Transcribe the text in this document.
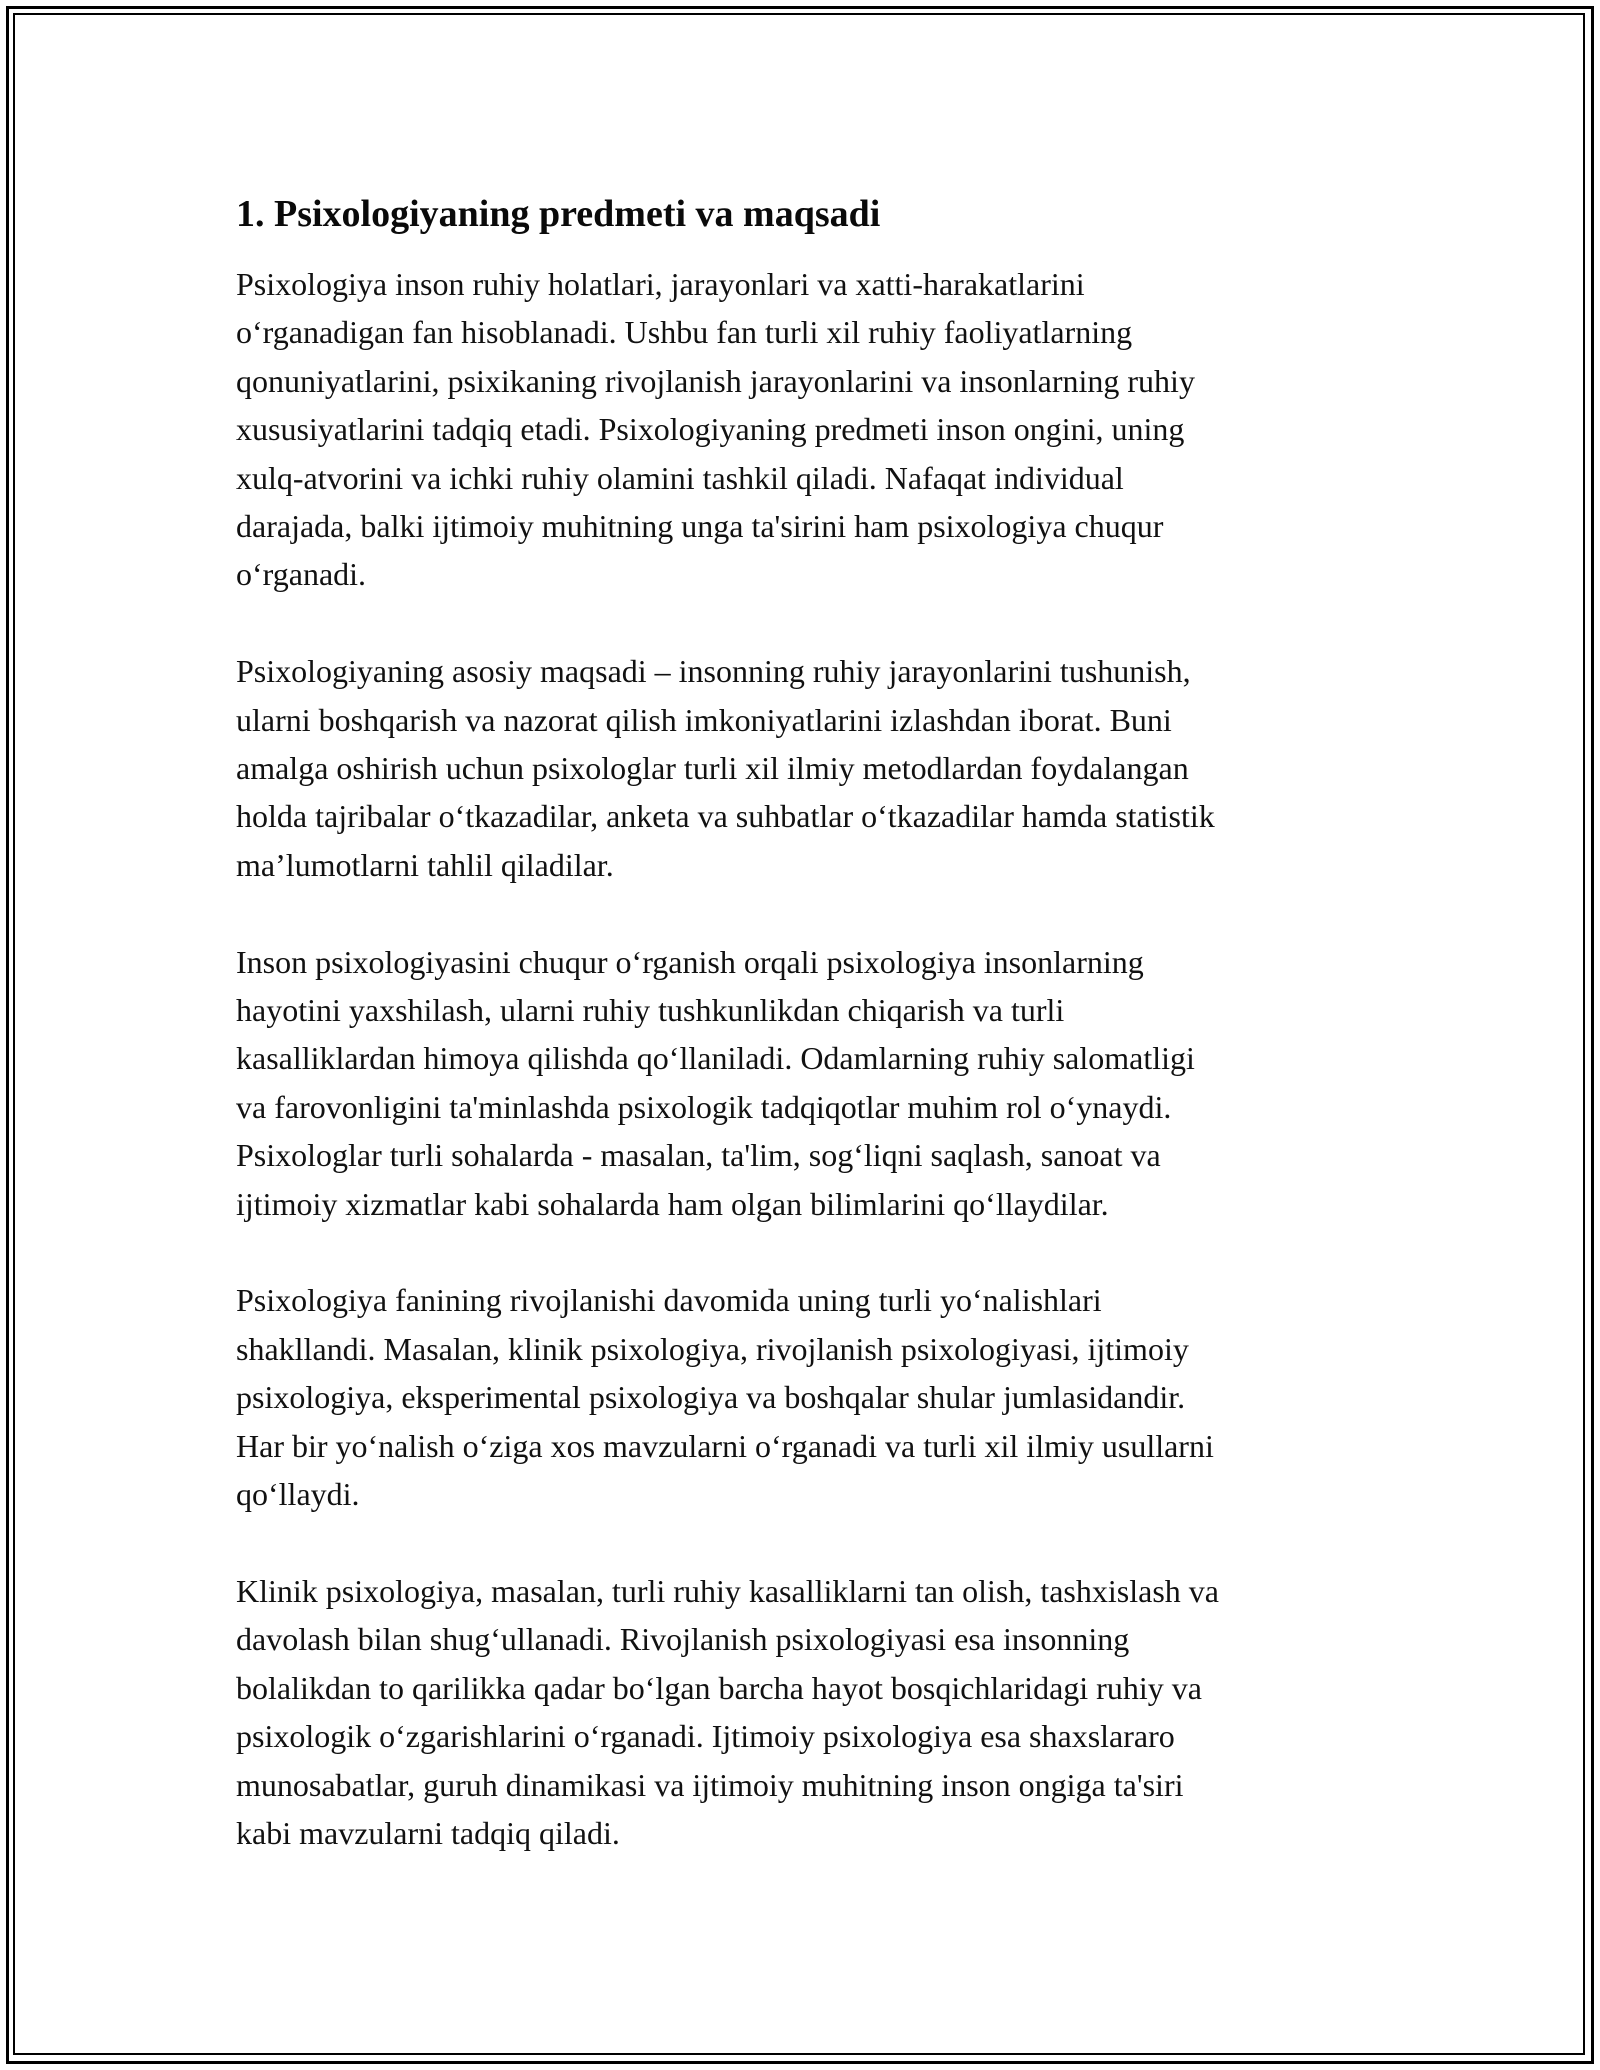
1. Psixologiyaning predmeti va maqsadi
Psixologiya inson ruhiy holatlari, jarayonlari va xatti-harakatlarini
o‘rganadigan fan hisoblanadi. Ushbu fan turli xil ruhiy faoliyatlarning
qonuniyatlarini, psixikaning rivojlanish jarayonlarini va insonlarning ruhiy
xususiyatlarini tadqiq etadi. Psixologiyaning predmeti inson ongini, uning
xulq-atvorini va ichki ruhiy olamini tashkil qiladi. Nafaqat individual
darajada, balki ijtimoiy muhitning unga ta'sirini ham psixologiya chuqur
o‘rganadi.
Psixologiyaning asosiy maqsadi – insonning ruhiy jarayonlarini tushunish,
ularni boshqarish va nazorat qilish imkoniyatlarini izlashdan iborat. Buni
amalga oshirish uchun psixologlar turli xil ilmiy metodlardan foydalangan
holda tajribalar o‘tkazadilar, anketa va suhbatlar o‘tkazadilar hamda statistik
ma’lumotlarni tahlil qiladilar.
Inson psixologiyasini chuqur o‘rganish orqali psixologiya insonlarning
hayotini yaxshilash, ularni ruhiy tushkunlikdan chiqarish va turli
kasalliklardan himoya qilishda qo‘llaniladi. Odamlarning ruhiy salomatligi
va farovonligini ta'minlashda psixologik tadqiqotlar muhim rol o‘ynaydi.
Psixologlar turli sohalarda - masalan, ta'lim, sog‘liqni saqlash, sanoat va
ijtimoiy xizmatlar kabi sohalarda ham olgan bilimlarini qo‘llaydilar.
Psixologiya fanining rivojlanishi davomida uning turli yo‘nalishlari
shakllandi. Masalan, klinik psixologiya, rivojlanish psixologiyasi, ijtimoiy
psixologiya, eksperimental psixologiya va boshqalar shular jumlasidandir.
Har bir yo‘nalish o‘ziga xos mavzularni o‘rganadi va turli xil ilmiy usullarni
qo‘llaydi.
Klinik psixologiya, masalan, turli ruhiy kasalliklarni tan olish, tashxislash va
davolash bilan shug‘ullanadi. Rivojlanish psixologiyasi esa insonning
bolalikdan to qarilikka qadar bo‘lgan barcha hayot bosqichlaridagi ruhiy va
psixologik o‘zgarishlarini o‘rganadi. Ijtimoiy psixologiya esa shaxslararo
munosabatlar, guruh dinamikasi va ijtimoiy muhitning inson ongiga ta'siri
kabi mavzularni tadqiq qiladi.
